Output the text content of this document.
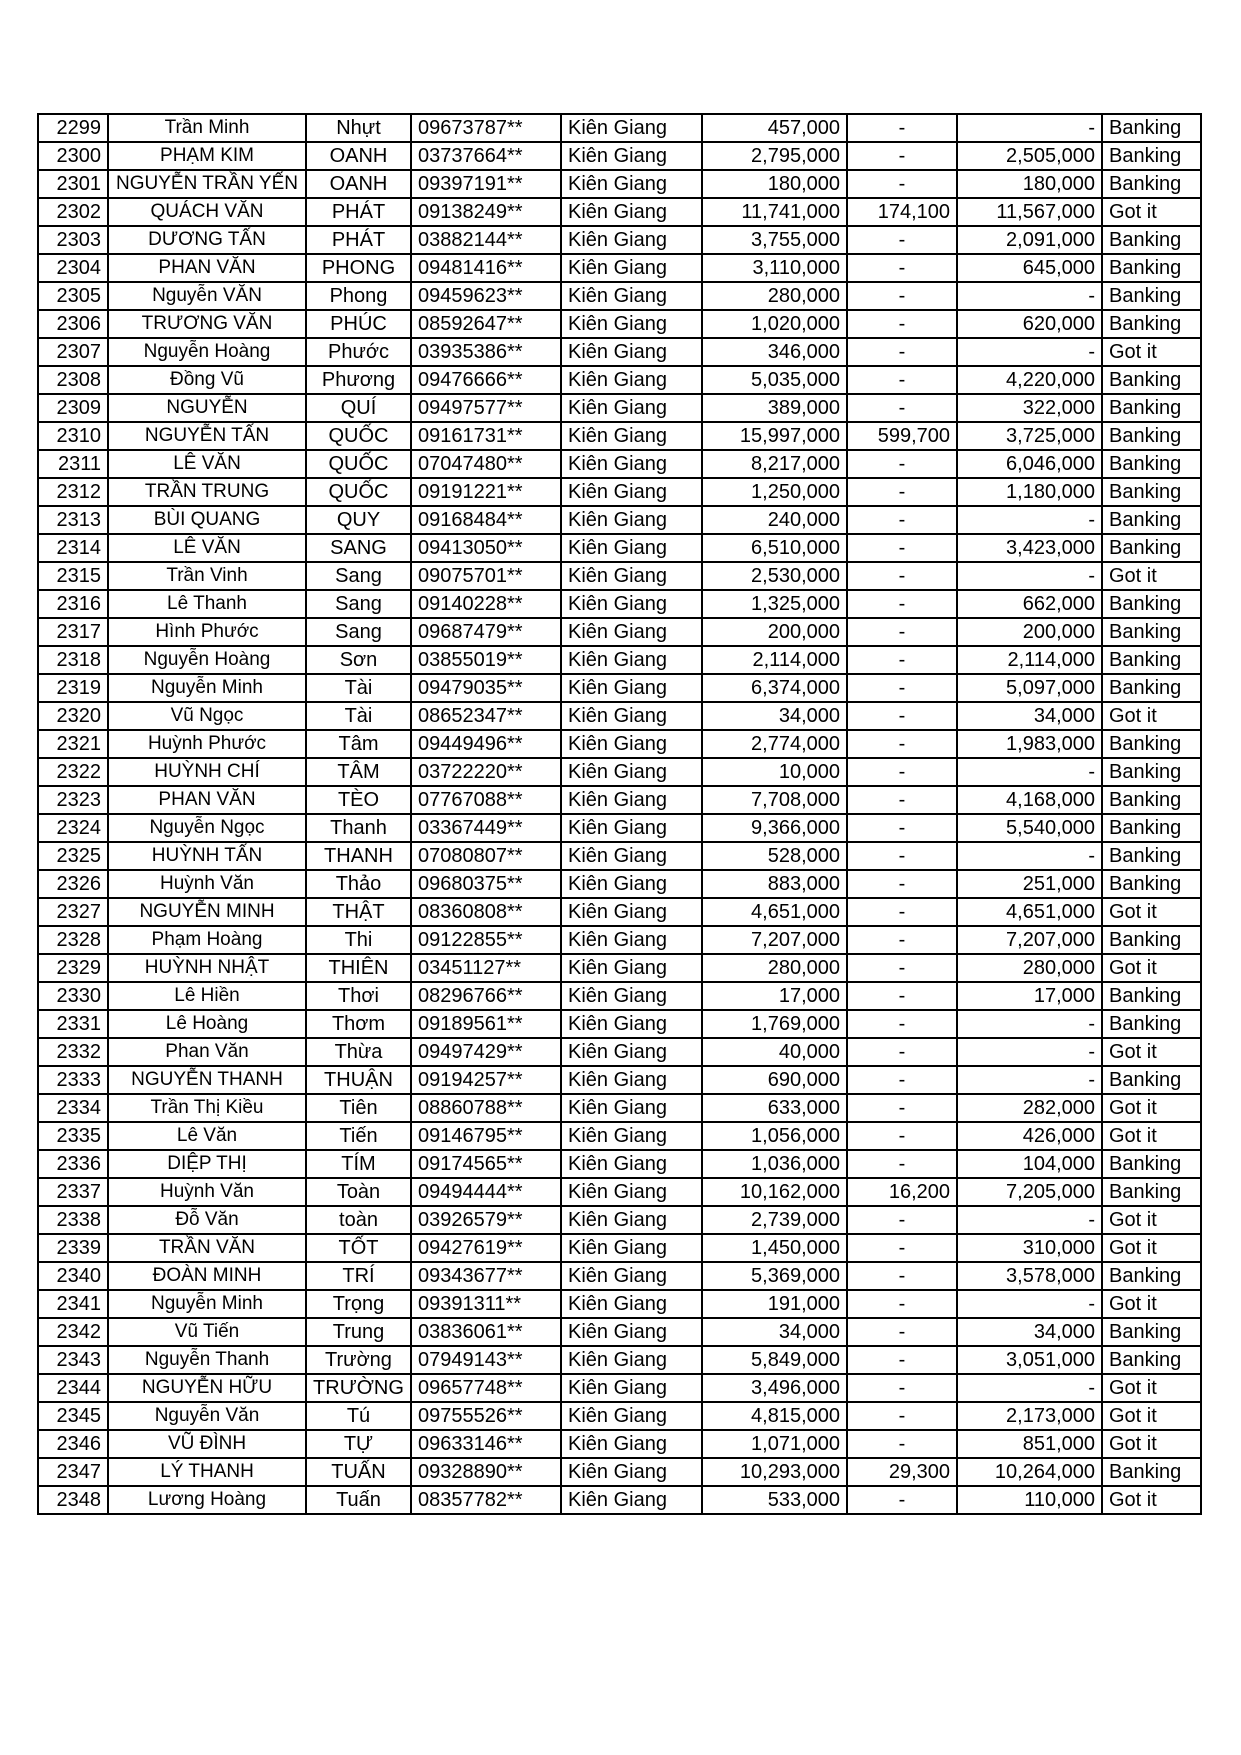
2299	Trần Minh	Nhựt	09673787**	Kiên Giang	457,000	-	-	Banking
2300	PHẠM KIM	OANH	03737664**	Kiên Giang	2,795,000	-	2,505,000	Banking
2301	NGUYỄN TRẦN YẾN	OANH	09397191**	Kiên Giang	180,000	-	180,000	Banking
2302	QUÁCH VĂN	PHÁT	09138249**	Kiên Giang	11,741,000	174,100	11,567,000	Got it
2303	DƯƠNG TẤN	PHÁT	03882144**	Kiên Giang	3,755,000	-	2,091,000	Banking
2304	PHAN VĂN	PHONG	09481416**	Kiên Giang	3,110,000	-	645,000	Banking
2305	Nguyễn VĂN	Phong	09459623**	Kiên Giang	280,000	-	-	Banking
2306	TRƯƠNG VĂN	PHÚC	08592647**	Kiên Giang	1,020,000	-	620,000	Banking
2307	Nguyễn Hoàng	Phước	03935386**	Kiên Giang	346,000	-	-	Got it
2308	Đồng Vũ	Phương	09476666**	Kiên Giang	5,035,000	-	4,220,000	Banking
2309	NGUYỄN	QUÍ	09497577**	Kiên Giang	389,000	-	322,000	Banking
2310	NGUYỄN TẤN	QUỐC	09161731**	Kiên Giang	15,997,000	599,700	3,725,000	Banking
2311	LÊ VĂN	QUỐC	07047480**	Kiên Giang	8,217,000	-	6,046,000	Banking
2312	TRẦN TRUNG	QUỐC	09191221**	Kiên Giang	1,250,000	-	1,180,000	Banking
2313	BÙI QUANG	QUY	09168484**	Kiên Giang	240,000	-	-	Banking
2314	LÊ VĂN	SANG	09413050**	Kiên Giang	6,510,000	-	3,423,000	Banking
2315	Trần Vinh	Sang	09075701**	Kiên Giang	2,530,000	-	-	Got it
2316	Lê Thanh	Sang	09140228**	Kiên Giang	1,325,000	-	662,000	Banking
2317	Hình Phước	Sang	09687479**	Kiên Giang	200,000	-	200,000	Banking
2318	Nguyễn Hoàng	Sơn	03855019**	Kiên Giang	2,114,000	-	2,114,000	Banking
2319	Nguyễn Minh	Tài	09479035**	Kiên Giang	6,374,000	-	5,097,000	Banking
2320	Vũ Ngọc	Tài	08652347**	Kiên Giang	34,000	-	34,000	Got it
2321	Huỳnh Phước	Tâm	09449496**	Kiên Giang	2,774,000	-	1,983,000	Banking
2322	HUỲNH CHÍ	TÂM	03722220**	Kiên Giang	10,000	-	-	Banking
2323	PHAN VĂN	TÈO	07767088**	Kiên Giang	7,708,000	-	4,168,000	Banking
2324	Nguyễn Ngọc	Thanh	03367449**	Kiên Giang	9,366,000	-	5,540,000	Banking
2325	HUỲNH TẤN	THANH	07080807**	Kiên Giang	528,000	-	-	Banking
2326	Huỳnh Văn	Thảo	09680375**	Kiên Giang	883,000	-	251,000	Banking
2327	NGUYỄN MINH	THẬT	08360808**	Kiên Giang	4,651,000	-	4,651,000	Got it
2328	Phạm Hoàng	Thi	09122855**	Kiên Giang	7,207,000	-	7,207,000	Banking
2329	HUỲNH NHẬT	THIÊN	03451127**	Kiên Giang	280,000	-	280,000	Got it
2330	Lê Hiền	Thơi	08296766**	Kiên Giang	17,000	-	17,000	Banking
2331	Lê Hoàng	Thơm	09189561**	Kiên Giang	1,769,000	-	-	Banking
2332	Phan Văn	Thừa	09497429**	Kiên Giang	40,000	-	-	Got it
2333	NGUYỄN THANH	THUẬN	09194257**	Kiên Giang	690,000	-	-	Banking
2334	Trần Thị Kiều	Tiên	08860788**	Kiên Giang	633,000	-	282,000	Got it
2335	Lê Văn	Tiến	09146795**	Kiên Giang	1,056,000	-	426,000	Got it
2336	DIỆP THỊ	TÍM	09174565**	Kiên Giang	1,036,000	-	104,000	Banking
2337	Huỳnh Văn	Toàn	09494444**	Kiên Giang	10,162,000	16,200	7,205,000	Banking
2338	Đỗ Văn	toàn	03926579**	Kiên Giang	2,739,000	-	-	Got it
2339	TRẦN VĂN	TỐT	09427619**	Kiên Giang	1,450,000	-	310,000	Got it
2340	ĐOÀN MINH	TRÍ	09343677**	Kiên Giang	5,369,000	-	3,578,000	Banking
2341	Nguyễn Minh	Trọng	09391311**	Kiên Giang	191,000	-	-	Got it
2342	Vũ Tiến	Trung	03836061**	Kiên Giang	34,000	-	34,000	Banking
2343	Nguyễn Thanh	Trường	07949143**	Kiên Giang	5,849,000	-	3,051,000	Banking
2344	NGUYỄN HỮU	TRƯỜNG	09657748**	Kiên Giang	3,496,000	-	-	Got it
2345	Nguyễn Văn	Tú	09755526**	Kiên Giang	4,815,000	-	2,173,000	Got it
2346	VŨ ĐÌNH	TỰ	09633146**	Kiên Giang	1,071,000	-	851,000	Got it
2347	LÝ THANH	TUẤN	09328890**	Kiên Giang	10,293,000	29,300	10,264,000	Banking
2348	Lương Hoàng	Tuấn	08357782**	Kiên Giang	533,000	-	110,000	Got it
